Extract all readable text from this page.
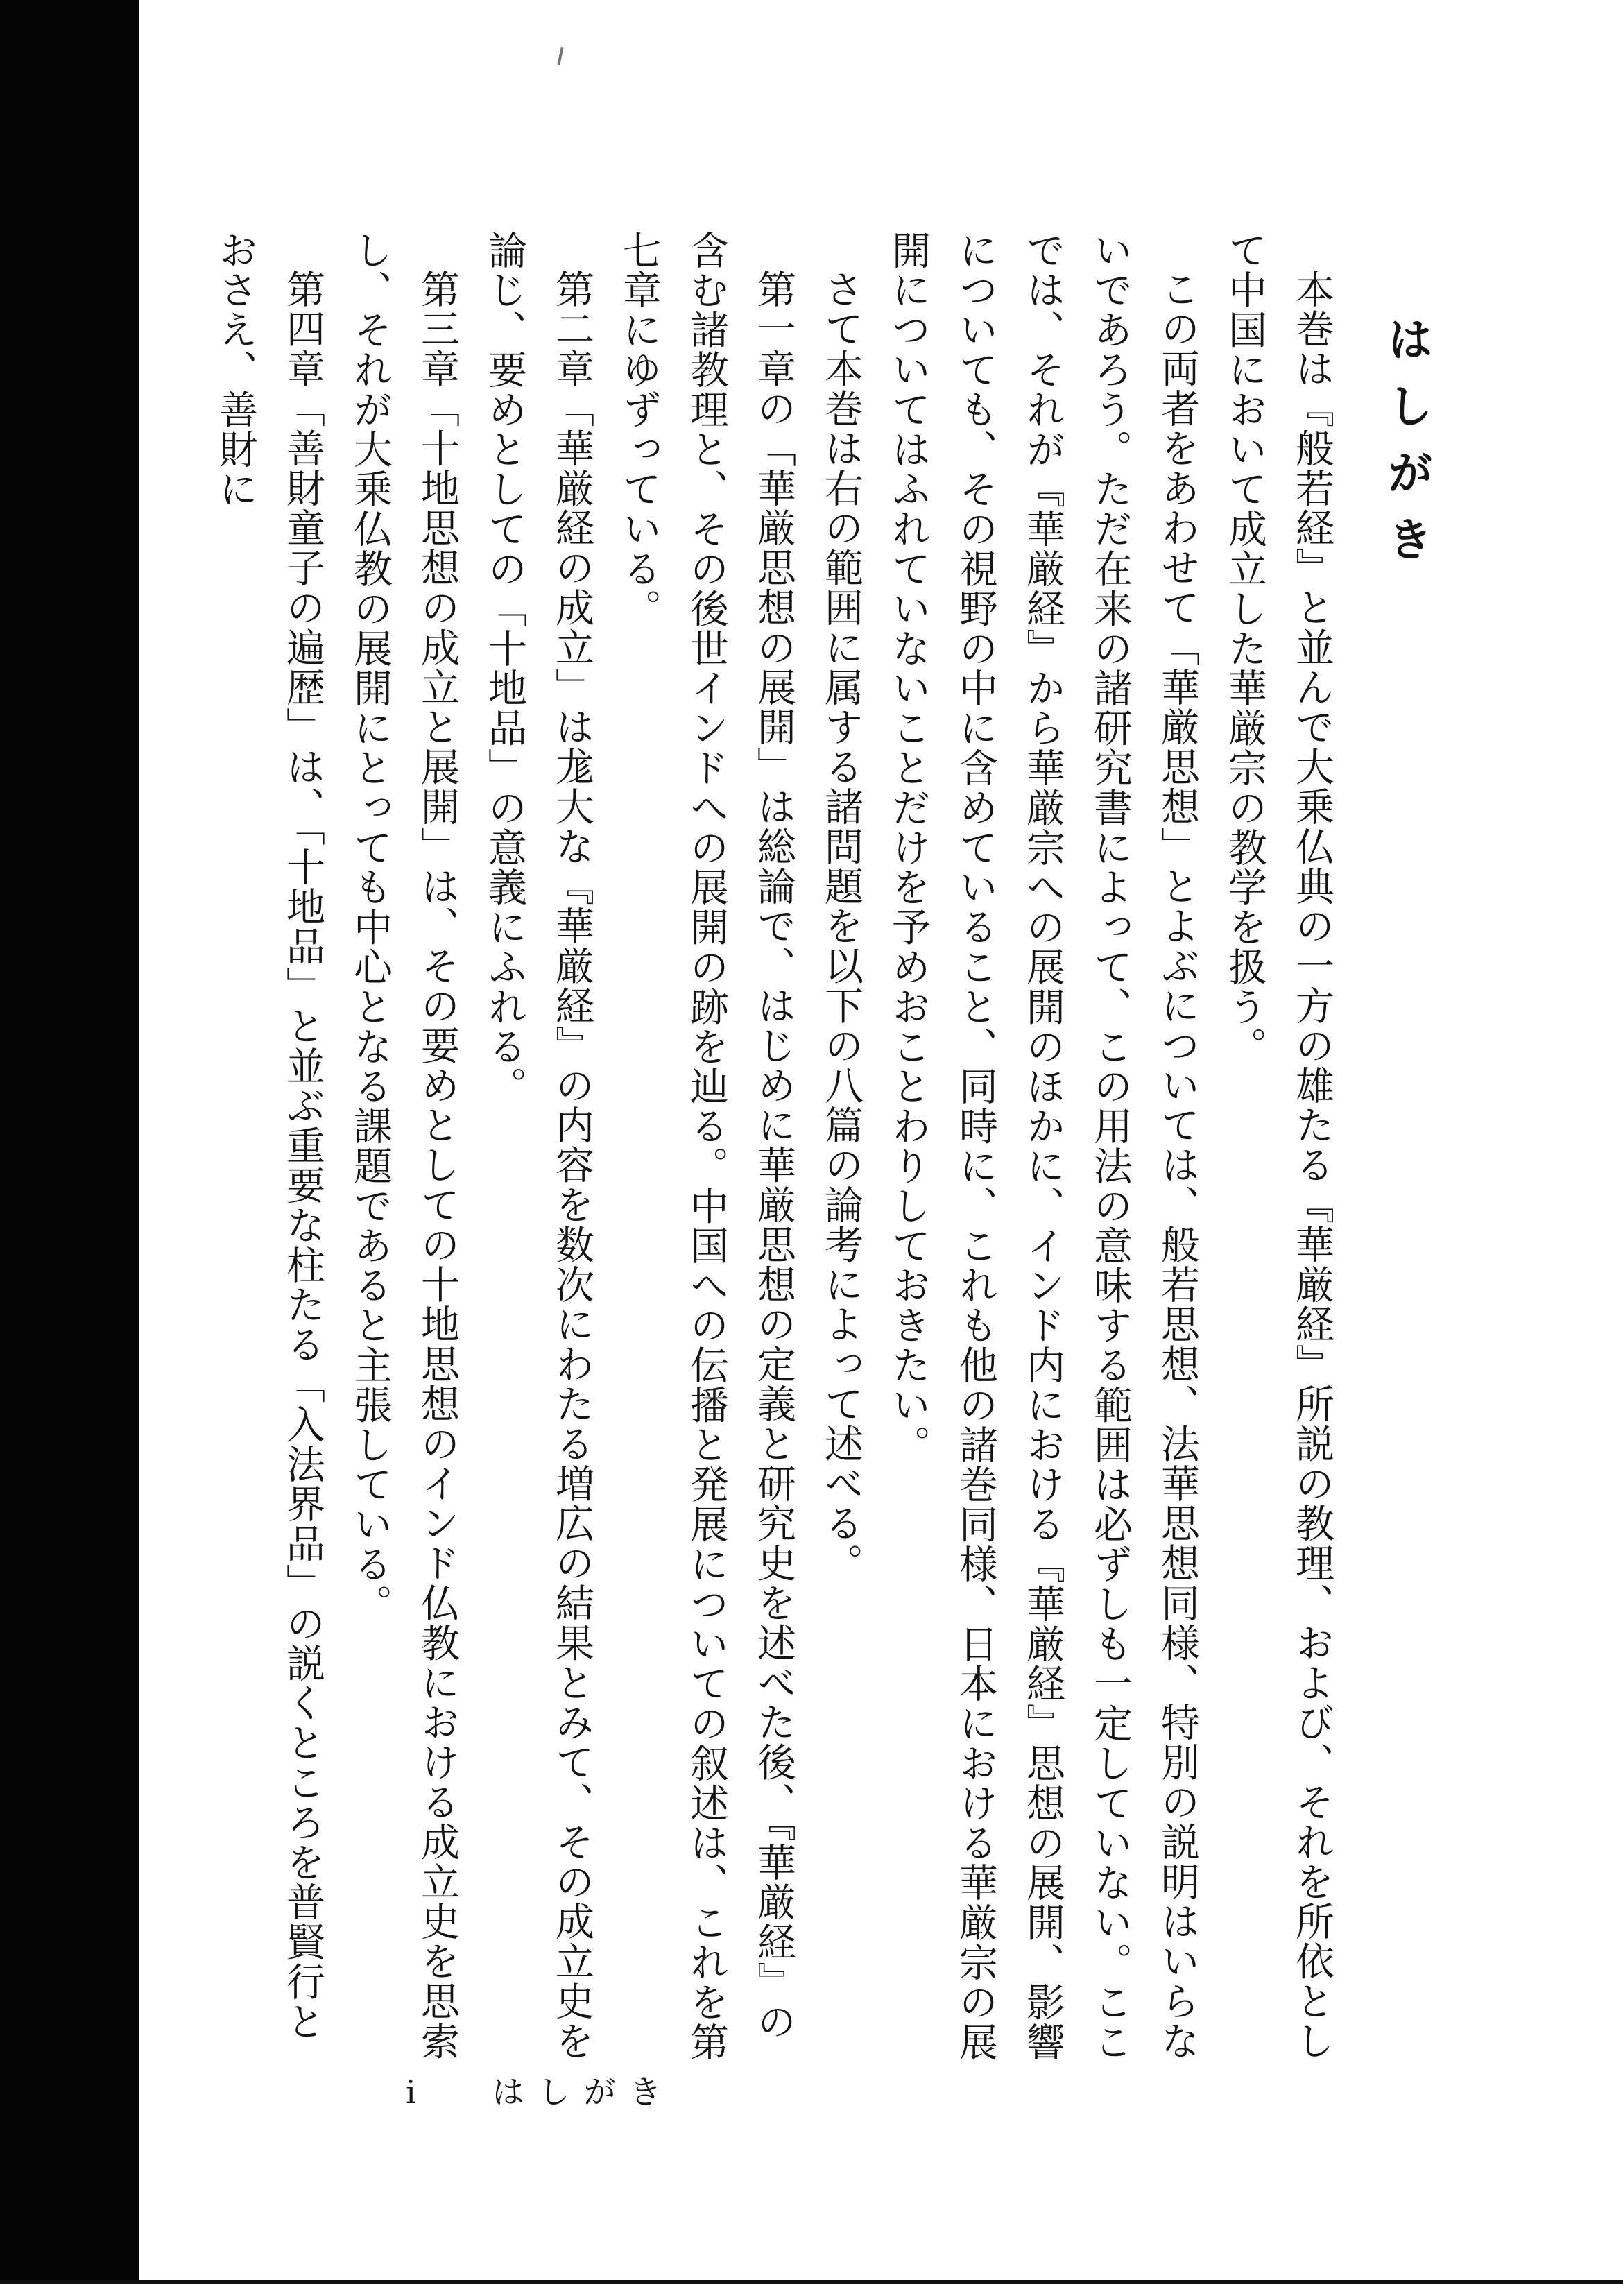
はしがき

本巻は『般若経』と並んで大乗仏典の一方の雄たる『華厳経』所説の教理、および、それを所依として中国において成立した華厳宗の教学を扱う。

この両者をあわせて「華厳思想」とよぶについては、般若思想、法華思想同様、特別の説明はいらないであろう。ただ在来の諸研究書によって、この用法の意味する範囲は必ずしも一定していない。ここでは、それが『華厳経』から華厳宗への展開のほかに、インド内における『華厳経』思想の展開、影響についても、その視野の中に含めていること、同時に、これも他の諸巻同様、日本における華厳宗の展開についてはふれていないことだけを予めおことわりしておきたい。

さて本巻は右の範囲に属する諸問題を以下の八篇の論考によって述べる。

第一章の「華厳思想の展開」は総論で、はじめに華厳思想の定義と研究史を述べた後、『華厳経』の含む諸教理と、その後世インドへの展開の跡を辿る。中国への伝播と発展についての叙述は、これを第七章にゆずっている。

第二章「華厳経の成立」は尨大な『華厳経』の内容を数次にわたる増広の結果とみて、その成立史を論じ、要めとしての「十地品」の意義にふれる。

第三章「十地思想の成立と展開」は、その要めとしての十地思想のインド仏教における成立史を思索し、それが大乗仏教の展開にとっても中心となる課題であると主張している。

第四章「善財童子の遍歴」は、「十地品」と並ぶ重要な柱たる「入法界品」の説くところを普賢行とおさえ、善財に

i はしがき
